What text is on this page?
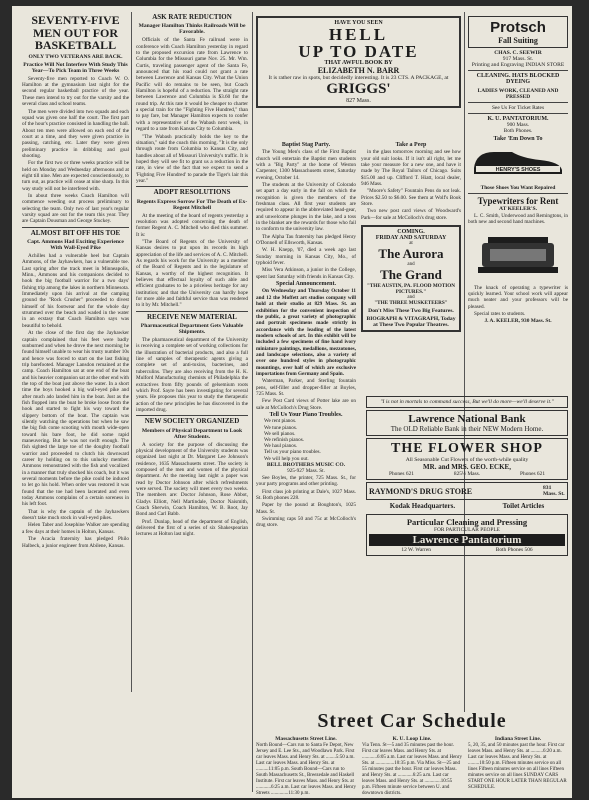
SEVENTY-FIVE MEN OUT FOR BASKETBALL
ONLY TWO VETERANS ARE BACK.
Practice Will Not Interfere With Study This Year—To Pick Team in Three Weeks

Seventy-five men reported to Coach W. O. Hamilton at the gymnasium last night for the second regular basketball practice of the year. These men intend to try out for the varsity and the several class and school teams.

The men were divided into two squads and each squad was given one half the court. The first part of the hour's practice consisted in handling the ball. About ten men were allowed on each end of the court at a time, and they were given practice in passing, catching, etc. Later they were given preliminary practice in dribbling and goal shooting.

For the first two or three weeks practice will be held on Monday and Wednesday afternoons and at eight till nine. Men are expected conscientiously, to turn out, as practice will cease at nine sharp. In this way study will not be interfered with.

In about three weeks Coach Hamilton will commence weeding out process preliminary to selecting the team. Only two of last year's regular varsity squad are out for the team this year. They are Captain Dousman and George Stuckey.

ALMOST BIT OFF HIS TOE
Capt. Ammons Had Exciting Experience With Wall-Eyed Pike

Achilles had a vulnerable heel but Captain Ammons, of the Jayhawkers, has a vulnerable toe. Last spring after the track meet in Minneapolis, Minn., Ammons and his companions decided to hook the big football warrior for a two days' fishing trip among the lakes in northern Minnesota. Immediately upon his arrival at the camping ground the "Rock Crusher" proceeded to divest himself of his footwear and for the whole day strummed over the beach and waded in the water in an ecstasy that Coach Hamilton says was beautiful to behold.

At the close of the first day the Jayhawker captain complained that his feet were badly sunburned and when he drove the next morning he found himself unable to wear his trusty number 10s and hence was forced to start on the last fishing trip barefooted. Manager Lansdon remained at the camp. Coach Hamilton sat at one end of the boat and his heavier companion sat at the other end with the top of the boat just above the water. In a short time the boys hooked a big wall-eyed pike and after much ado landed him in the boat. Just as the fish flopped into the boat he broke loose from the hook and started to fight his way toward the slippery bottom of the boat. The captain was silently watching the operations but when he saw the big fish come scooting with mouth wide-open toward his bare foot, he did some rapid maneuvering. But he was not swift enough. The fish sighted the large toe of the doughty football warrior and proceeded to clutch his downward career by holding on to this unlucky member. Ammons remonstrated with the fish and vocalized in a manner that truly shocked his coach, but it was several moments before the pike could be induced to let go his hold. When order was restored it was found that the toe had been lacerated and even today Ammons complains of a certain soreness in his left foot.

That is why the captain of the Jayhawkers doesn't take much stock in wall-eyed pikes.

Helen Taber and Josephine Walker are spending a few days at their homes in Holton, Kansas.

The Acacia fraternity has pledged Philo Halbeck, a junior engineer from Abilene, Kansas.

ASK RATE REDUCTION
Manager Hamilton Thinks Railroads Will be Favorable.

Officials of the Santa Fe railroad were in conference with Coach Hamilton yesterday in regard to the proposed excursion rate from Lawrence to Columbia for the Missouri game Nov. 25. Mr. Wm. Curtis, traveling passenger agent of the Santa Fe, announced that his road could not grant a rate between Lawrence and Kansas City. What the Union Pacific will do remains to be seen, but Coach Hamilton is hopeful of a reduction. The straight rate between Lawrence and Columbia is $3.60 for the round trip. At this rate it would be cheaper to charter a special train for the "Fighting Five Hundred," than to pay fare, but Manager Hamilton expects to confer with a representative of the Wabash next week, in regard to a rate from Kansas City to Columbia.

"The Wabash practically holds the key to the situation," said the coach this morning. "It is the only through route from Columbia to Kansas City, and handles about all of Missouri University's traffic. It is hoped they will see fit to grant us a reduction in the rate, in view of the fact that we expect to send a 'Fighting Five Hundred' to parade the Tiger's lair this year."

ADOPT RESOLUTIONS
Regents Express Sorrow For The Death of Ex-Regent Mitchell

At the meeting of the board of regents yesterday a resolution was adopted concerning the death of former Regent A. C. Mitchell who died this summer. It is:

"The Board of Regents of the University of Kansas desires to put upon its records its high appreciation of the life and services of A. C. Mitchell. As regards his work for the University as a member of the Board of Regents and in the legislature of Kansas, a worthy of the highest recognition. It believes that effectual loyalty of such able and efficient graduates to be a priceless heritage for any institution; and that the University can hardly hope for more able and faithful service than was rendered to it by Mr. Mitchell."

RECEIVE NEW MATERIAL
Pharmaceutical Department Gets Valuable Shipments.

The pharmaceutical department of the University is receiving a complete set of working collections for the illustration of bacterial products, and also a full line of samples of therapeutic agents giving a complete set of anti-toxins, bacterines, and tuberculins. They are also receiving from the H. K. Mulford Manufacturing chemists of Philadelphia the extractives from fifty pounds of gelsemium roots which Prof. Sayre has been investigating for several years. He proposes this year to study the therapeutic action of the new principles he has discovered in the imported drug.

NEW SOCIETY ORGANIZED
Members of Physical Department to Look After Students.

A society for the purpose of discussing the physical development of the University students was organized last night at Dr. Margaret Lee Johnson's residence, 1635 Massachusetts street. The society is composed of the men and women of the physical department. At the meeting last night a paper was read by Doctor Johnson after which refreshments were served. The society will meet every two weeks. The members are: Doctor Johnson, Rose Abbot, Gladys Elliott, Nell Martindale, Doctor Naismith, Coach Sherwin, Coach Hamilton, W. B. Root, Jay Bond and Carl Babb.

Prof. Dunlap, head of the department of English, delivered the first of a series of six Shakespearian lectures at Holton last night.

HAVE YOU SEEN
HELL
UP TO DATE
THAT AWFUL BOOK BY
ELIZABETH N. BARR
It is rather raw in spots, but decidedly interesting. It is 23 CTS. A PACKAGE, at
GRIGGS'
827 Mass.
Baptist Stag Party.

The Young Men's class of the First Baptist church will entertain the Baptist men students with a "Big Party" at the home of Weston Carpenter, 1300 Massachusetts street, Saturday evening, October 14.

The students at the University of Colorado set apart a day early in the fall on which the recognition is given the members of the freshman class. All first year students are required to appear in the abbreviated head-gear, and unwelcome plunges in the lake, and a toss in the blanket are the rewards for those who fail to conform to the university law.

The Alpha Tau fraternity has pledged Henry O'Donnell of Ellsworth, Kansas.

W. H. Knepp, '07, died a week ago last Sunday morning in Kansas City, Mo., of typhoid fever.

Miss Vera Atkinson, a junior in the College, spent last Saturday with friends in Kansas City.

Special Announcement.

On Wednesday and Thursday October 11 and 12 the Moffett art studios company will hold at their studio at 829 Mass. St. an exhibition for the convenient inspection of the public, a great variety of photographic and portrait specimens made strictly in accordance with the leading of the latest modern schools of art. In this exhibit will be included a few specimens of fine hand ivory miniature paintings, medallions, mezzotones, and landscape selections, also a variety of over one hundred styles in photographic mountings, over half of which are exclusive importations from Germany and Spain.

Waterman, Parker, and Sterling fountain pens, self-filler and dropper-filler at Boyles, 725 Mass. St.

Few Post Card views of Potter lake are on sale at McColloch's Drug Store.

Tell Us Your Piano Troubles.
We rent pianos.
We tune pianos.
We sell pianos.
We refinish pianos.
We haul pianos.
Tell us your piano troubles.
We will help you out.
BELL BROTHERS MUSIC CO.
925-927 Mass. St.

See Boyles, the printer, 725 Mass. St., for your party programs and other printing.

First class job printing at Dale's, 1027 Mass. St. Both phones 228.

Paper by the pound at Boughton's, 1025 Mass. St.

Swimming caps 50 and 75c at McColloch's drug store.

Take a Peep

in the glass tomorrow morning and see how your old suit looks. If it isn't all right, let me take your measure for a new one, and have it made by The Royal Tailors of Chicago. Suits $15.00 and up. Clifford T. Hiatt, local dealer, 946 Mass.

"Moore's Safety" Fountain Pens do not leak. Prices $2.50 to $6.00. See them at Wolf's Book Store.

Two new post card views of Woodward's Park—for sale at McColloch's drug store.

COMING.
FRIDAY AND SATURDAY
at
The Aurora
and
The Grand
"THE AUSTIN, PA. FLOOD MOTION PICTURES."
and
"THE THREE MUSKETEERS"
Don't Miss These Two Big Features.
BIOGRAPH & VITAGRAPH, Today at These Two Popular Theatres.
Protsch
Fall Suiting
CHAS. C. SEEWIR
917 Mass. St.
Printing and Engraving INDIAN STORE
CLEANING. HATS BLOCKED DYEING
LADIES WORK, CLEANED AND PRESSED
See Us For Ticket Rates
K. U. PANTATORIUM.
900 Mass.
Both Phones.
Take 'Em Down To
HENRY'S SHOES
Those Shoes You Want Repaired
Typewriters for Rent
AT KEELER'S.

L. C. Smith, Underwood and Remingtons, in both new and second hand machines.

The knack of operating a typewriter is quickly learned. Your school work will appear much neater and your professors will be pleased.

Special rates to students.

J. A. KEELER, 930 Mass. St.
"I is not in mortals to command success, But we'll do more—we'll deserve it."
Lawrence National Bank
The OLD Reliable Bank in their NEW Modern Home.
THE FLOWER SHOP
All Seasonable Cut Flowers of the worth-while quality
MR. and MRS. GEO. ECKE,
Phones 621	825½ Mass.	Phones 621
RAYMOND'S DRUG STORE	831 Mass. St.
Kodak Headquarters.	Toilet Articles
Particular Cleaning and Pressing
FOR PARTICULAR PEOPLE
Lawrence Pantatorium
12 W. Warren	Both Phones 506
Street Car Schedule
Massachusetts Street Line.
North Bound—Cars run to Santa Fe Depot, New Jersey and E. Lee Sts., and Woodlawn Park. First car leaves Mass. and Henry Sts. at ........5:50 a.m. Last car leaves Mass. and Henry Sts. at ..........11:05 p.m. South Bound—Cars run to South Massachusetts St., Breezedale and Haskell Institute. First car leaves Mass. and Henry Sts. at ............6:25 a.m. Last car leaves Mass. and Henry Streets ..............11:30 p.m.
K. U. Loop Line.
Via Tenn. St—5 and 35 minutes past the hour. First car leaves Mass. and Henry Sts. at ............6:05 a.m. Last car leaves Mass. and Henry Sts. at ...............10:35 p.m. Via Miss. St—25 and 55 minutes past the hour. First car leaves Mass. and Henry Sts. at ............6:25 a.m. Last car leaves Mass. and Henry Sts. at .............10:55 p.m. Fifteen minute service between U. and downtown districts.
Indiana Street Line.
5, 20, 35, and 50 minutes past the hour. First car leaves Mass. and Henry Sts. at ..........6:20 a.m. Last car leaves Mass. and Henry Sts. at .........10:50 p.m. Fifteen minutes service on all lines Fifteen minutes service on all lines Fifteen minutes service on all lines SUNDAY CARS START ONE HOUR LATER THAN REGULAR SCHEDULE.
